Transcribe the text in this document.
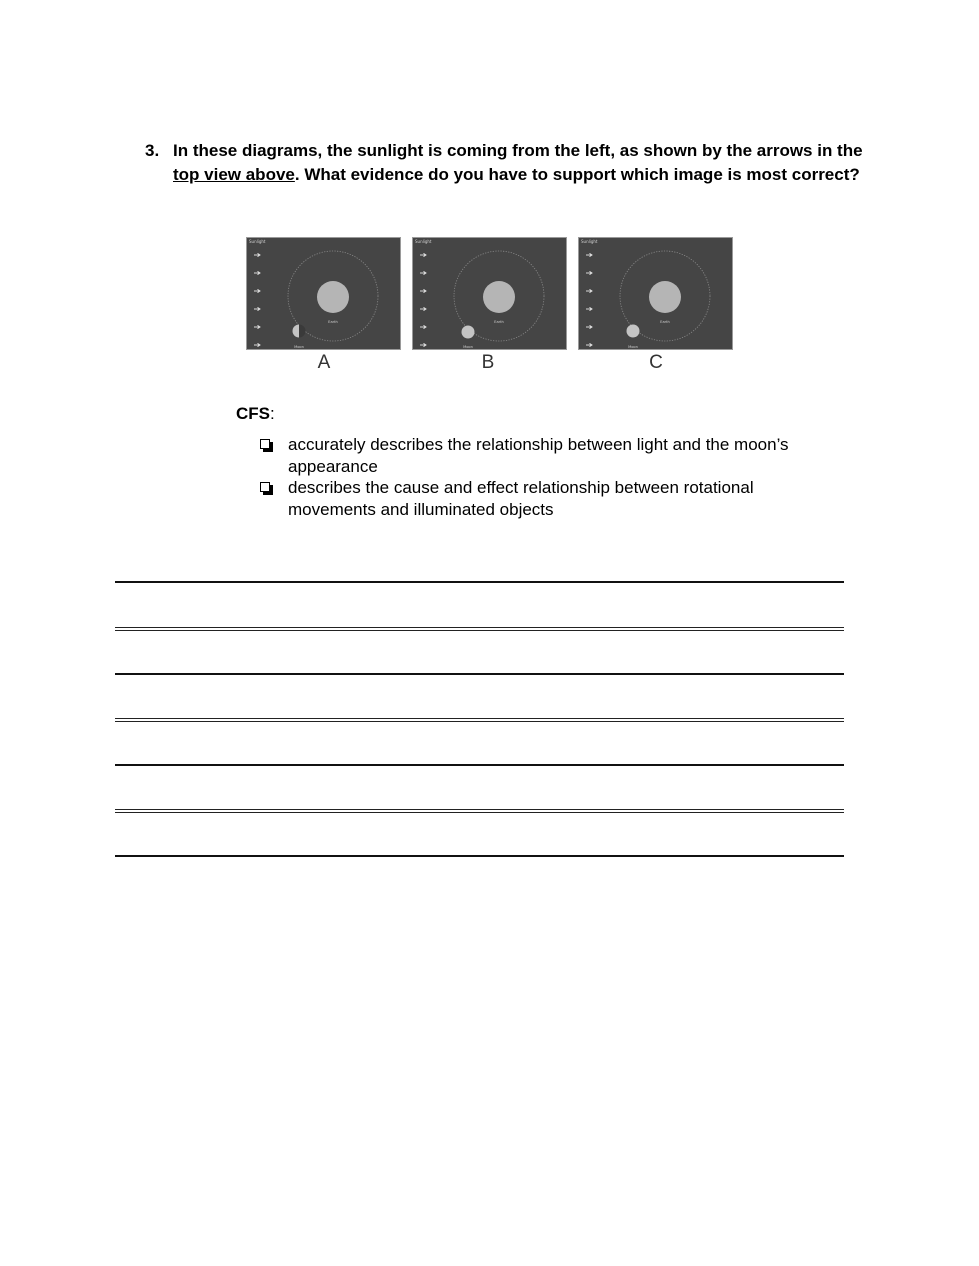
3. In these diagrams, the sunlight is coming from the left, as shown by the arrows in the top view above. What evidence do you have to support which image is most correct?
Sunlight
Earth
Moon
Sunlight
Earth
Moon
Sunlight
Earth
Moon
A	B	C
CFS:
accurately describes the relationship between light and the moon’s appearance
describes the cause and effect relationship between rotational movements and illuminated objects
